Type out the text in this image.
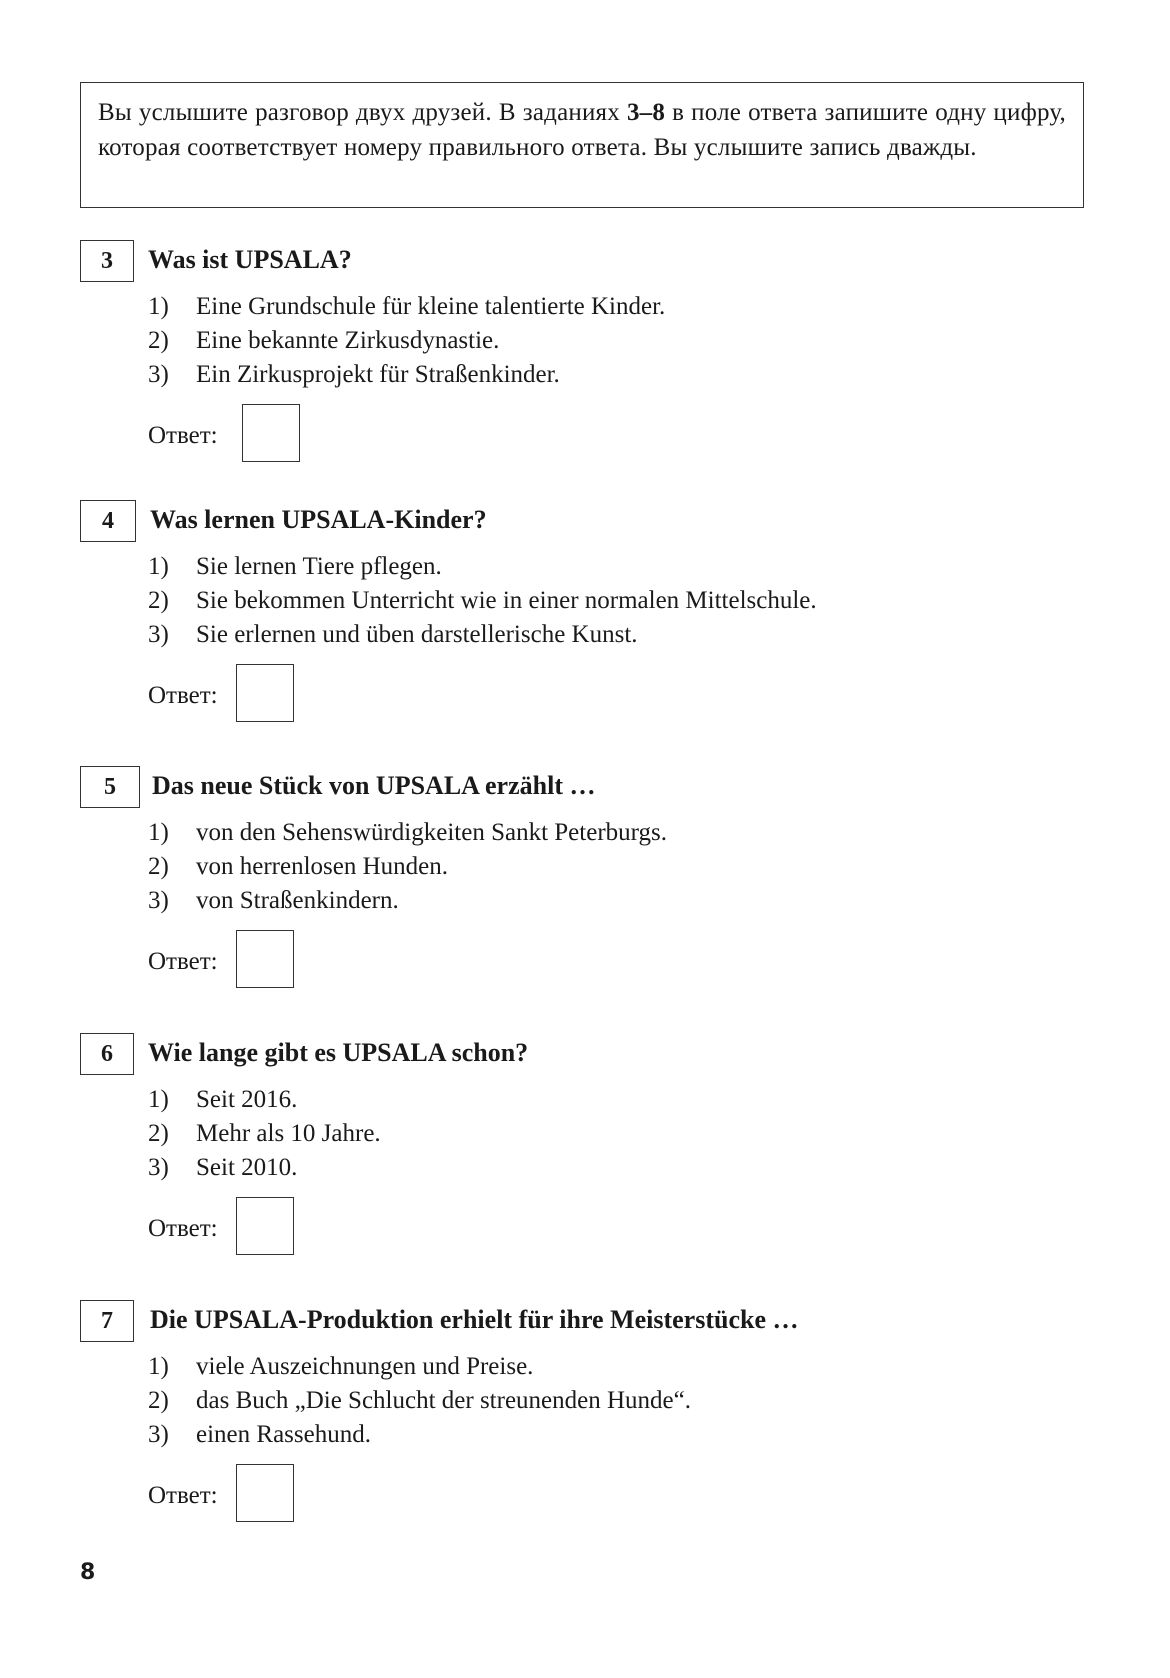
Вы услышите разговор двух друзей. В заданиях 3–8 в поле ответа запишите одну цифру, которая соответствует номеру правильного ответа. Вы услышите запись дважды.
3	Was ist UPSALA?
1) Eine Grundschule für kleine talentierte Kinder.
2) Eine bekannte Zirkusdynastie.
3) Ein Zirkusprojekt für Straßenkinder.
Ответ:
4	Was lernen UPSALA-Kinder?
1) Sie lernen Tiere pflegen.
2) Sie bekommen Unterricht wie in einer normalen Mittelschule.
3) Sie erlernen und üben darstellerische Kunst.
Ответ:
5	Das neue Stück von UPSALA erzählt …
1) von den Sehenswürdigkeiten Sankt Peterburgs.
2) von herrenlosen Hunden.
3) von Straßenkindern.
Ответ:
6	Wie lange gibt es UPSALA schon?
1) Seit 2016.
2) Mehr als 10 Jahre.
3) Seit 2010.
Ответ:
7	Die UPSALA-Produktion erhielt für ihre Meisterstücke …
1) viele Auszeichnungen und Preise.
2) das Buch „Die Schlucht der streunenden Hunde“.
3) einen Rassehund.
Ответ:
8
